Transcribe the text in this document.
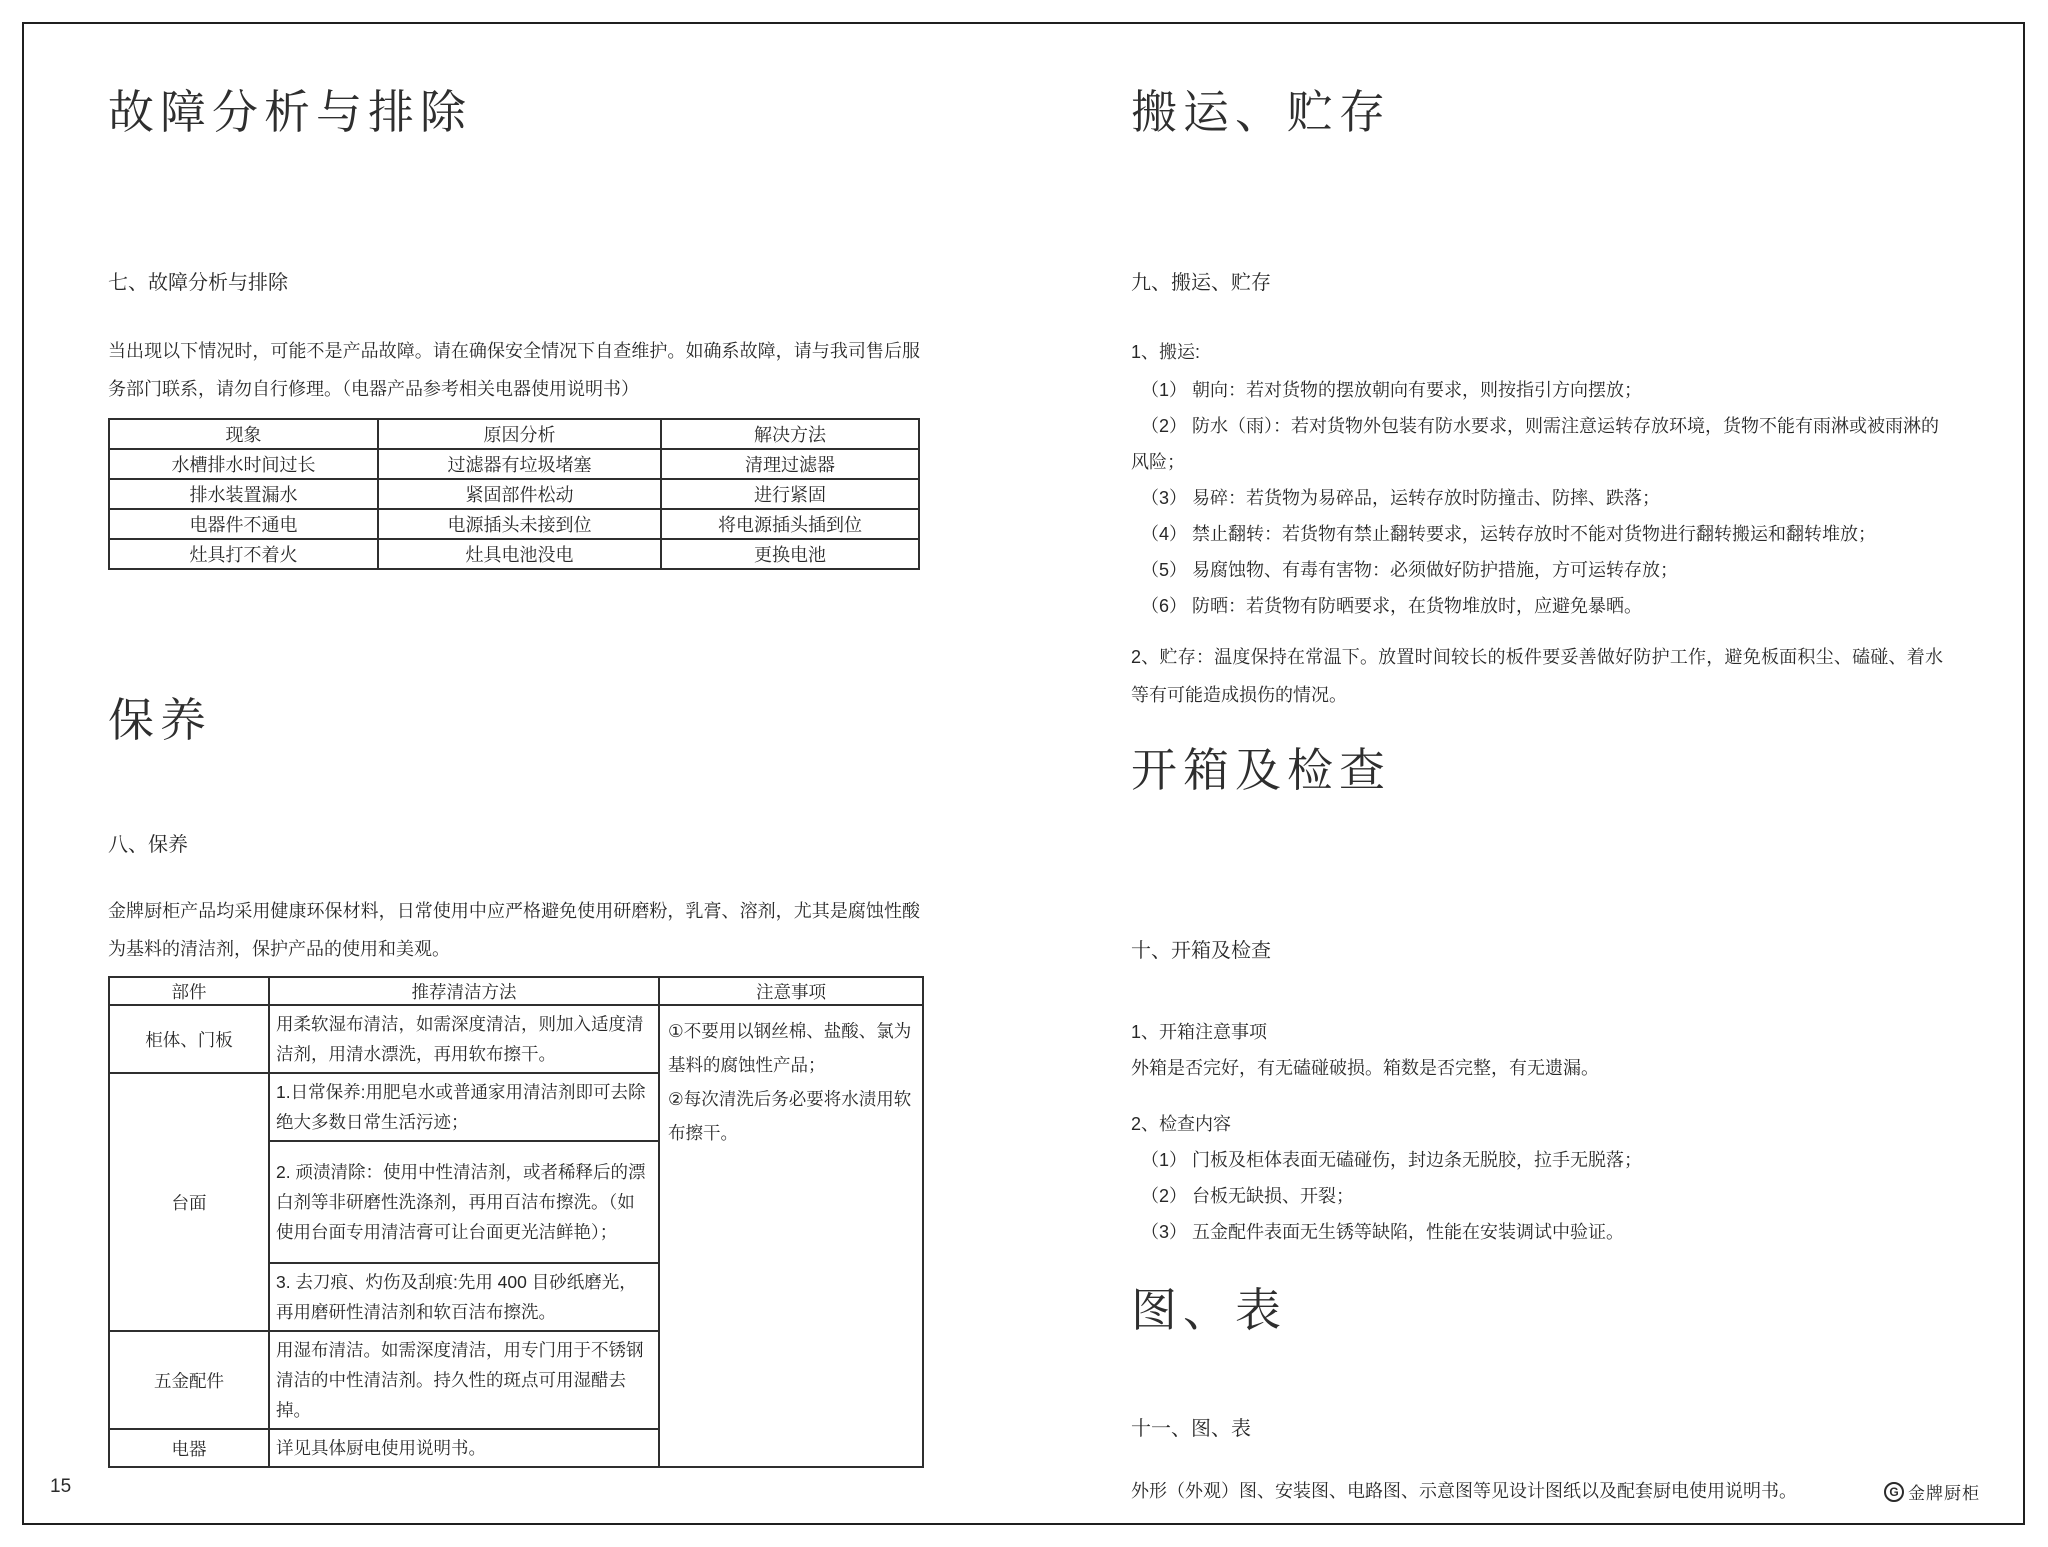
故障分析与排除
七、故障分析与排除

当出现以下情况时，可能不是产品故障。请在确保安全情况下自查维护。如确系故障，请与我司售后服务部门联系，请勿自行修理。（电器产品参考相关电器使用说明书）

现象	原因分析	解决方法
水槽排水时间过长	过滤器有垃圾堵塞	清理过滤器
排水装置漏水	紧固部件松动	进行紧固
电器件不通电	电源插头未接到位	将电源插头插到位
灶具打不着火	灶具电池没电	更换电池
保养
八、保养

金牌厨柜产品均采用健康环保材料，日常使用中应严格避免使用研磨粉，乳膏、溶剂，尤其是腐蚀性酸为基料的清洁剂，保护产品的使用和美观。

部件	推荐清洁方法	注意事项
柜体、门板	用柔软湿布清洁，如需深度清洁，则加入适度清洁剂，用清水漂洗，再用软布擦干。	①不要用以钢丝棉、盐酸、氯为基料的腐蚀性产品；
②每次清洗后务必要将水渍用软布擦干。

台面	1.日常保养:用肥皂水或普通家用清洁剂即可去除绝大多数日常生活污迹；	
	2. 顽渍清除：使用中性清洁剂，或者稀释后的漂白剂等非研磨性洗涤剂，再用百洁布擦洗。（如使用台面专用清洁膏可让台面更光洁鲜艳）；	
	3. 去刀痕、灼伤及刮痕:先用 400 目砂纸磨光，再用磨研性清洁剂和软百洁布擦洗。	
五金配件	用湿布清洁。如需深度清洁，用专门用于不锈钢清洁的中性清洁剂。持久性的斑点可用湿醋去掉。	
电器	详见具体厨电使用说明书。	
搬运、贮存
九、搬运、贮存
1、搬运:
（1） 朝向：若对货物的摆放朝向有要求，则按指引方向摆放；
（2） 防水（雨）：若对货物外包装有防水要求，则需注意运转存放环境，货物不能有雨淋或被雨淋的风险；
（3） 易碎：若货物为易碎品，运转存放时防撞击、防摔、跌落；
（4） 禁止翻转：若货物有禁止翻转要求，运转存放时不能对货物进行翻转搬运和翻转堆放；
（5） 易腐蚀物、有毒有害物：必须做好防护措施，方可运转存放；
（6） 防晒：若货物有防晒要求，在货物堆放时，应避免暴晒。

2、贮存：温度保持在常温下。放置时间较长的板件要妥善做好防护工作，避免板面积尘、磕碰、着水等有可能造成损伤的情况。

开箱及检查
十、开箱及检查
1、开箱注意事项
外箱是否完好，有无磕碰破损。箱数是否完整，有无遗漏。
2、检查内容
（1） 门板及柜体表面无磕碰伤，封边条无脱胶，拉手无脱落；
（2） 台板无缺损、开裂；
（3） 五金配件表面无生锈等缺陷，性能在安装调试中验证。
图、表
十一、图、表
外形（外观）图、安装图、电路图、示意图等见设计图纸以及配套厨电使用说明书。
15	G 金牌厨柜
